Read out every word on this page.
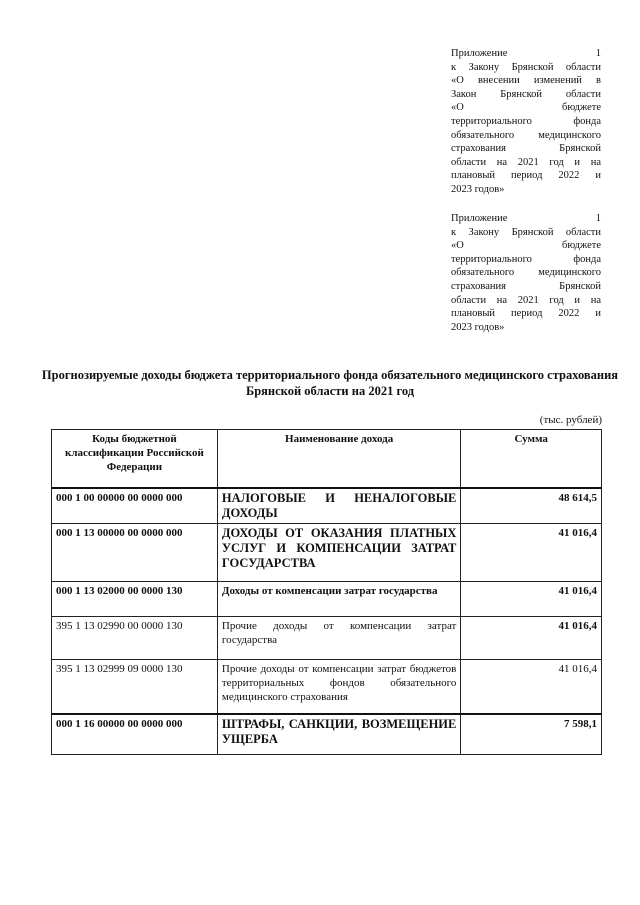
Приложение 1
к Закону Брянской области
«О внесении изменений в
Закон Брянской области
«О бюджете
территориального фонда
обязательного медицинского
страхования Брянской
области на 2021 год и на
плановый период 2022 и
2023 годов»
Приложение 1
к Закону Брянской области
«О бюджете
территориального фонда
обязательного медицинского
страхования Брянской
области на 2021 год и на
плановый период 2022 и
2023 годов»
Прогнозируемые доходы бюджета территориального фонда обязательного медицинского страхования Брянской области на 2021 год
(тыс. рублей)
Коды бюджетной классификации Российской Федерации	Наименование дохода	Сумма
000 1 00 00000 00 0000 000	НАЛОГОВЫЕ И НЕНАЛОГОВЫЕ ДОХОДЫ	48 614,5
000 1 13 00000 00 0000 000	ДОХОДЫ ОТ ОКАЗАНИЯ ПЛАТНЫХ УСЛУГ И КОМПЕНСАЦИИ ЗАТРАТ ГОСУДАРСТВА	41 016,4
000 1 13 02000 00 0000 130	Доходы от компенсации затрат государства	41 016,4
395 1 13 02990 00 0000 130	Прочие доходы от компенсации затрат государства	41 016,4
395 1 13 02999 09 0000 130	Прочие доходы от компенсации затрат бюджетов территориальных фондов обязательного медицинского страхования	41 016,4
000 1 16 00000 00 0000 000	ШТРАФЫ, САНКЦИИ, ВОЗМЕЩЕНИЕ УЩЕРБА	7 598,1
